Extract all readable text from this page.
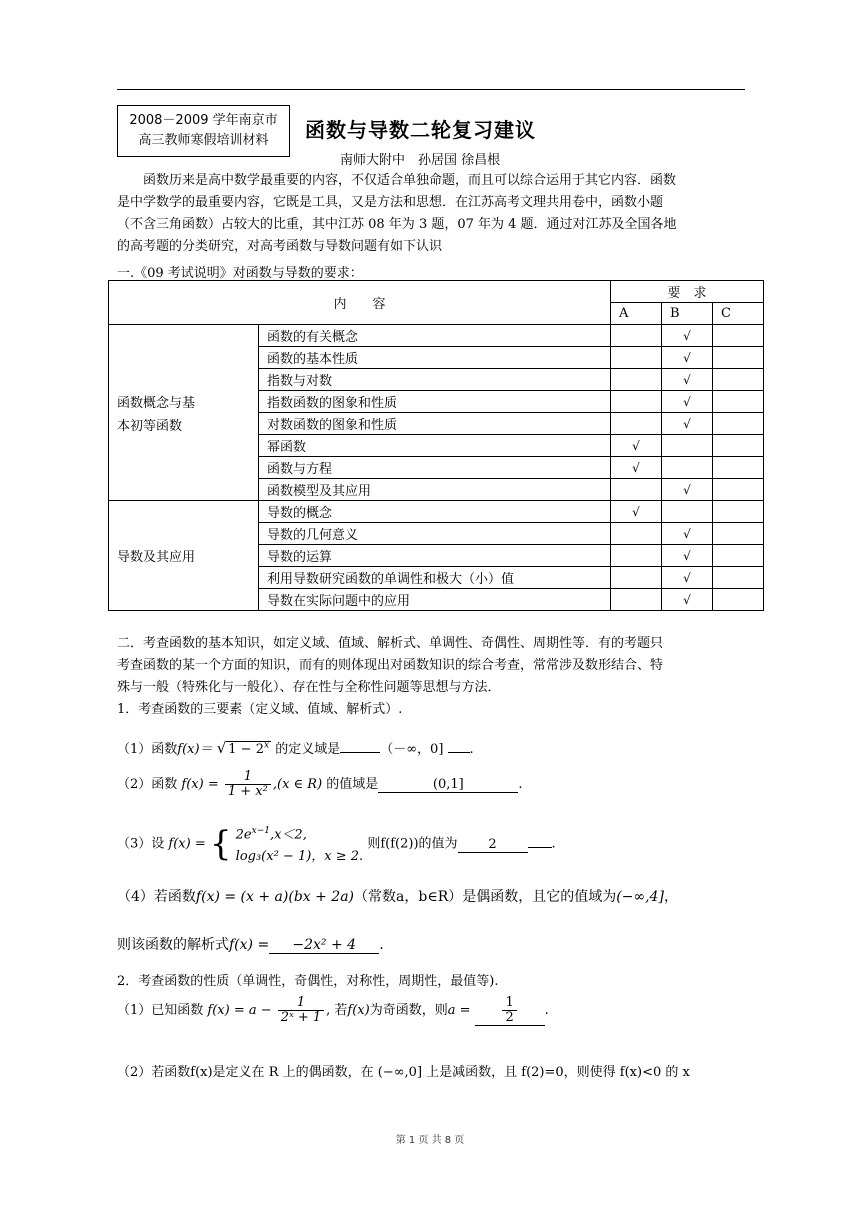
2008－2009 学年南京市
高三教师寒假培训材料	函数与导数二轮复习建议
南师大附中　孙居国 徐昌根
函数历来是高中数学最重要的内容，不仅适合单独命题，而且可以综合运用于其它内容．函数
是中学数学的最重要内容，它既是工具，又是方法和思想．在江苏高考文理共用卷中，函数小题
（不含三角函数）占较大的比重，其中江苏 08 年为 3 题，07 年为 4 题．通过对江苏及全国各地
的高考题的分类研究，对高考函数与导数问题有如下认识
一.《09 考试说明》对函数与导数的要求：
内　　容		要　求		
		A	B	C

函数概念与基
本初等函数	函数的有关概念		√	
	函数的基本性质		√	
	指数与对数		√	
	指数函数的图象和性质		√	
	对数函数的图象和性质		√	
	幂函数	√		
	函数与方程	√		
	函数模型及其应用		√	

导数及其应用	导数的概念	√		
	导数的几何意义		√	
	导数的运算		√	
	利用导数研究函数的单调性和极大（小）值		√	
	导数在实际问题中的应用		√	
二．考查函数的基本知识，如定义域、值域、解析式、单调性、奇偶性、周期性等．有的考题只
考查函数的某一个方面的知识，而有的则体现出对函数知识的综合考查，常常涉及数形结合、特
殊与一般（特殊化与一般化）、存在性与全称性问题等思想与方法．
1．考查函数的三要素（定义域、值域、解析式）.
（1）函数f(x)＝ √ $1 - 2^x$ 的定义域是	（－∞，0] .
（2）函数 $f(x) = \frac{1}{\text{1 + x²}} ,(x$ ∈ R) 的值域是	(0,1]	.
（3）设 f(x) = { $2e^{x-1},x<2$,
log₃(x² − 1)，x ≥ 2.
则f(f(2))的值为 2	.
（4）若函数f(x) = (x + a)(bx + 2a)（常数a，b∈R）是偶函数，且它的值域为(−∞,4]，
则该函数的解析式f(x) = −2x² + 4 .
2．考查函数的性质（单调性，奇偶性，对称性，周期性，最值等).
（1）已知函数 $f(x) = a - \frac{1}{\text{2ˣ + 1}}$ , 若f(x)为奇函数，则$a = \frac{1}{2}$ .
（2）若函数f(x)是定义在 R 上的偶函数，在 (−∞,0] 上是减函数，且 f(2)=0，则使得 f(x)<0 的 x
第 1 页 共 8 页
